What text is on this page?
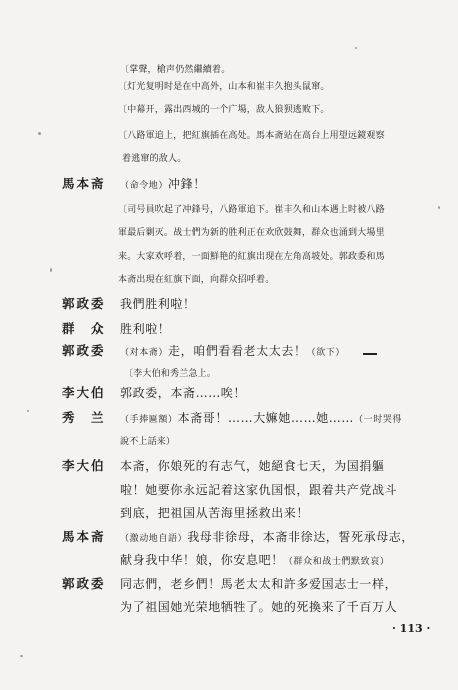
〔掌聲，槍声仍然繼續着。
〔灯光复明时是在中高外，山本和崔丰久抱头鼠窜。
〔中幕开，露出西城的一个广場，敌人狼狈逃败下。
〔八路軍追上，把紅旗插在高处。馬本斋站在高台上用望远鏡观察
着逃窜的敌人。
馬本斋 （命令地）冲鋒！
〔司号員吹起了冲鋒号，八路軍追下。崔丰久和山本遇上时被八路
軍最后剿灭。战士們为新的胜利正在欢欣鼓舞，群众也涌到大場里
来。大家欢呼着，一面鮮艳的紅旗出现在左角高坡处。郭政委和馬
本斋出現在紅旗下面，向群众招呼着。
郭政委 我們胜利啦！
群　众 胜利啦！
郭政委 （对本斋）走，咱們看看老太太去！（欲下）
〔李大伯和秀兰急上。
李大伯 郭政委，本斋……唉！
秀　兰 （手捧匾額）本斋哥！……大嫲她……她……（一时哭得
說不上話来）
李大伯 本斋，你娘死的有志气，她絕食七天，为国捐軀
啦！她要你永远記着这家仇国恨，跟着共产党战斗
到底，把祖国从苦海里拯救出来！
馬本斋 （激动地自語）我母非徐母，本斋非徐达，誓死承母志，
献身我中华！娘，你安息吧！（群众和战士們默致哀）
郭政委 同志們，老乡們！馬老太太和許多爱国志士一样，
为了祖国她光荣地牺牲了。她的死換来了千百万人
· 113 ·
